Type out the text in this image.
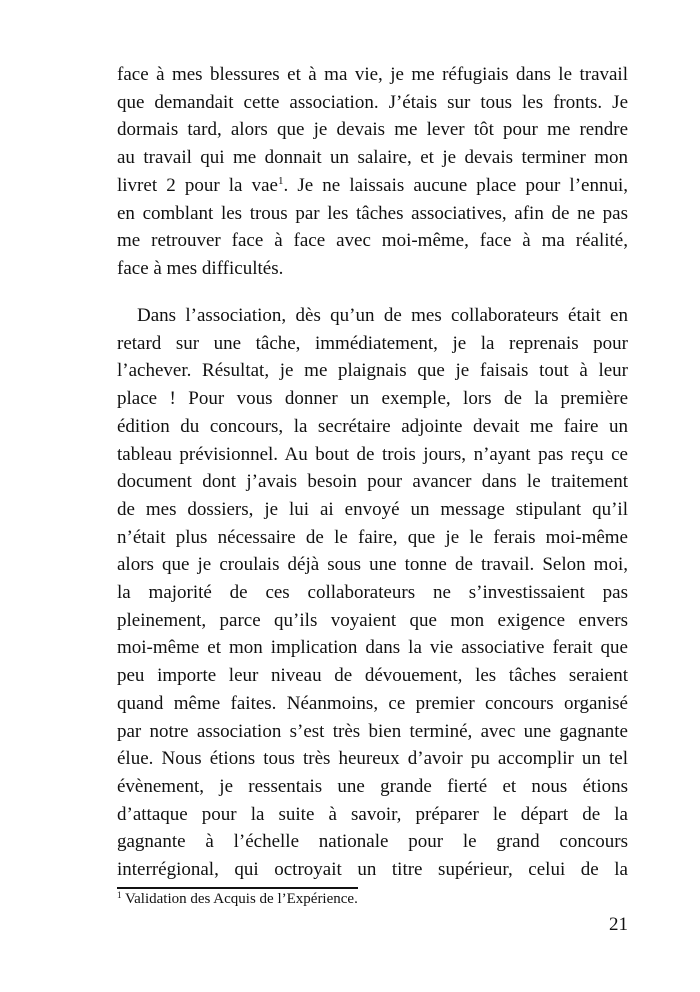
face à mes blessures et à ma vie, je me réfugiais dans le travail
que demandait cette association. J’étais sur tous les fronts. Je
dormais tard, alors que je devais me lever tôt pour me rendre
au travail qui me donnait un salaire, et je devais terminer mon
livret 2 pour la vae$^1$. Je ne laissais aucune place pour l’ennui,
en comblant les trous par les tâches associatives, afin de ne pas
me retrouver face à face avec moi-même, face à ma réalité,
face à mes difficultés.
Dans l’association, dès qu’un de mes collaborateurs était en
retard sur une tâche, immédiatement, je la reprenais pour
l’achever. Résultat, je me plaignais que je faisais tout à leur
place ! Pour vous donner un exemple, lors de la première
édition du concours, la secrétaire adjointe devait me faire un
tableau prévisionnel. Au bout de trois jours, n’ayant pas reçu ce
document dont j’avais besoin pour avancer dans le traitement
de mes dossiers, je lui ai envoyé un message stipulant qu’il
n’était plus nécessaire de le faire, que je le ferais moi-même
alors que je croulais déjà sous une tonne de travail. Selon moi,
la majorité de ces collaborateurs ne s’investissaient pas
pleinement, parce qu’ils voyaient que mon exigence envers
moi-même et mon implication dans la vie associative ferait que
peu importe leur niveau de dévouement, les tâches seraient
quand même faites. Néanmoins, ce premier concours organisé
par notre association s’est très bien terminé, avec une gagnante
élue. Nous étions tous très heureux d’avoir pu accomplir un tel
évènement, je ressentais une grande fierté et nous étions
d’attaque pour la suite à savoir, préparer le départ de la
gagnante à l’échelle nationale pour le grand concours
interrégional, qui octroyait un titre supérieur, celui de la
$^1$ Validation des Acquis de l’Expérience.
21
